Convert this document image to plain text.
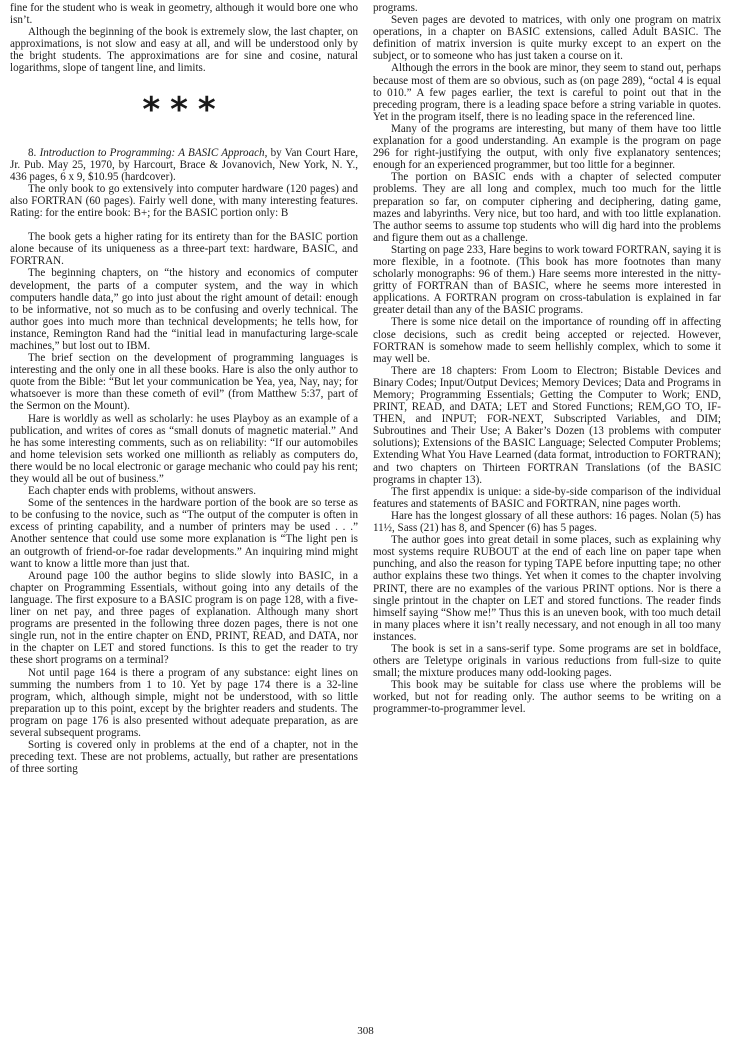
fine for the student who is weak in geometry, although it would bore one who isn’t.

Although the beginning of the book is extremely slow, the last chapter, on approximations, is not slow and easy at all, and will be understood only by the bright students. The approximations are for sine and cosine, natural logarithms, slope of tangent line, and limits.

***

8. Introduction to Programming: A BASIC Approach, by Van Court Hare, Jr. Pub. May 25, 1970, by Harcourt, Brace & Jovanovich, New York, N. Y., 436 pages, 6 x 9, $10.95 (hardcover).

The only book to go extensively into computer hardware (120 pages) and also FORTRAN (60 pages). Fairly well done, with many interesting features. Rating: for the entire book: B+; for the BASIC portion only: B

The book gets a higher rating for its entirety than for the BASIC portion alone because of its uniqueness as a three-part text: hardware, BASIC, and FORTRAN.

The beginning chapters, on “the history and economics of computer development, the parts of a computer system, and the way in which computers handle data,” go into just about the right amount of detail: enough to be informative, not so much as to be confusing and overly technical. The author goes into much more than technical developments; he tells how, for instance, Remington Rand had the “initial lead in manufacturing large-scale machines,” but lost out to IBM.

The brief section on the development of programming languages is interesting and the only one in all these books. Hare is also the only author to quote from the Bible: “But let your communication be Yea, yea, Nay, nay; for whatsoever is more than these cometh of evil” (from Matthew 5:37, part of the Sermon on the Mount).

Hare is worldly as well as scholarly: he uses Playboy as an example of a publication, and writes of cores as “small donuts of magnetic material.” And he has some interesting comments, such as on reliability: “If our automobiles and home television sets worked one millionth as reliably as computers do, there would be no local electronic or garage mechanic who could pay his rent; they would all be out of business.”

Each chapter ends with problems, without answers.

Some of the sentences in the hardware portion of the book are so terse as to be confusing to the novice, such as “The output of the computer is often in excess of printing capability, and a number of printers may be used . . .” Another sentence that could use some more explanation is “The light pen is an outgrowth of friend-or-foe radar developments.” An inquiring mind might want to know a little more than just that.

Around page 100 the author begins to slide slowly into BASIC, in a chapter on Programming Essentials, without going into any details of the language. The first exposure to a BASIC program is on page 128, with a five-liner on net pay, and three pages of explanation. Although many short programs are presented in the following three dozen pages, there is not one single run, not in the entire chapter on END, PRINT, READ, and DATA, nor in the chapter on LET and stored functions. Is this to get the reader to try these short programs on a terminal?

Not until page 164 is there a program of any substance: eight lines on summing the numbers from 1 to 10. Yet by page 174 there is a 32-line program, which, although simple, might not be understood, with so little preparation up to this point, except by the brighter readers and students. The program on page 176 is also presented without adequate preparation, as are several subsequent programs.

Sorting is covered only in problems at the end of a chapter, not in the preceding text. These are not problems, actually, but rather are presentations of three sorting

programs.

Seven pages are devoted to matrices, with only one program on matrix operations, in a chapter on BASIC extensions, called Adult BASIC. The definition of matrix inversion is quite murky except to an expert on the subject, or to someone who has just taken a course on it.

Although the errors in the book are minor, they seem to stand out, perhaps because most of them are so obvious, such as (on page 289), “octal 4 is equal to 010.” A few pages earlier, the text is careful to point out that in the preceding program, there is a leading space before a string variable in quotes. Yet in the program itself, there is no leading space in the referenced line.

Many of the programs are interesting, but many of them have too little explanation for a good understanding. An example is the program on page 296 for right-justifying the output, with only five explanatory sentences; enough for an experienced programmer, but too little for a beginner.

The portion on BASIC ends with a chapter of selected computer problems. They are all long and complex, much too much for the little preparation so far, on computer ciphering and deciphering, dating game, mazes and labyrinths. Very nice, but too hard, and with too little explanation. The author seems to assume top students who will dig hard into the problems and figure them out as a challenge.

Starting on page 233, Hare begins to work toward FORTRAN, saying it is more flexible, in a footnote. (This book has more footnotes than many scholarly monographs: 96 of them.) Hare seems more interested in the nitty-gritty of FORTRAN than of BASIC, where he seems more interested in applications. A FORTRAN program on cross-tabulation is explained in far greater detail than any of the BASIC programs.

There is some nice detail on the importance of rounding off in affecting close decisions, such as credit being accepted or rejected. However, FORTRAN is somehow made to seem hellishly complex, which to some it may well be.

There are 18 chapters: From Loom to Electron; Bistable Devices and Binary Codes; Input/Output Devices; Memory Devices; Data and Programs in Memory; Programming Essentials; Getting the Computer to Work; END, PRINT, READ, and DATA; LET and Stored Functions; REM,GO TO, IF-THEN, and INPUT; FOR-NEXT, Subscripted Variables, and DIM; Subroutines and Their Use; A Baker’s Dozen (13 problems with computer solutions); Extensions of the BASIC Language; Selected Computer Problems; Extending What You Have Learned (data format, introduction to FORTRAN); and two chapters on Thirteen FORTRAN Translations (of the BASIC programs in chapter 13).

The first appendix is unique: a side-by-side comparison of the individual features and statements of BASIC and FORTRAN, nine pages worth.

Hare has the longest glossary of all these authors: 16 pages. Nolan (5) has 11½, Sass (21) has 8, and Spencer (6) has 5 pages.

The author goes into great detail in some places, such as explaining why most systems require RUBOUT at the end of each line on paper tape when punching, and also the reason for typing TAPE before inputting tape; no other author explains these two things. Yet when it comes to the chapter involving PRINT, there are no examples of the various PRINT options. Nor is there a single printout in the chapter on LET and stored functions. The reader finds himself saying “Show me!” Thus this is an uneven book, with too much detail in many places where it isn’t really necessary, and not enough in all too many instances.

The book is set in a sans-serif type. Some programs are set in boldface, others are Teletype originals in various reductions from full-size to quite small; the mixture produces many odd-looking pages.

This book may be suitable for class use where the problems will be worked, but not for reading only. The author seems to be writing on a programmer-to-programmer level.

308
